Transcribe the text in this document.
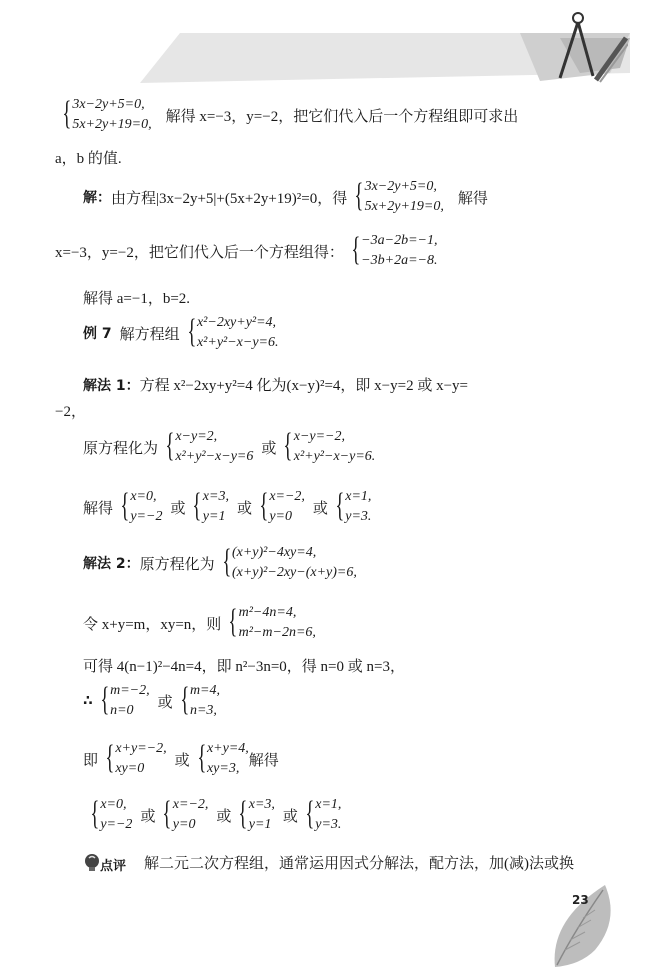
{ 3x−2y+5=0,
5x+2y+19=0, 解得 x=−3，y=−2，把它们代入后一个方程组即可求出
a，b 的值.
解： 由方程|3x−2y+5|+(5x+2y+19)²=0，得 { 3x−2y+5=0,
5x+2y+19=0, 解得
x=−3，y=−2，把它们代入后一个方程组得： { −3a−2b=−1,
−3b+2a=−8.
解得 a=−1，b=2.
例 7 解方程组 { x²−2xy+y²=4,
x²+y²−x−y=6.
解法 1： 方程 x²−2xy+y²=4 化为(x−y)²=4，即 x−y=2 或 x−y=
−2，
原方程化为 { x−y=2,
x²+y²−x−y=6 或 { x−y=−2,
x²+y²−x−y=6.
解得 { x=0,
y=−2 或 { x=3,
y=1 或 { x=−2,
y=0	或 { x=1,
y=3.
解法 2： 原方程化为 { (x+y)²−4xy=4,
(x+y)²−2xy−(x+y)=6,
令 x+y=m，xy=n，则 { m²−4n=4,
m²−m−2n=6,
可得 4(n−1)²−4n=4，即 n²−3n=0，得 n=0 或 n=3，
∴ { m=−2,
n=0	或 { m=4,
n=3,
即 { x+y=−2,
xy=0	或 { x+y=4,
xy=3, 解得
{ x=0,
y=−2 或 { x=−2,
y=0	或 { x=3,
y=1 或 { x=1,
y=3.
点评 解二元二次方程组，通常运用因式分解法，配方法，加(减)法或换
23
